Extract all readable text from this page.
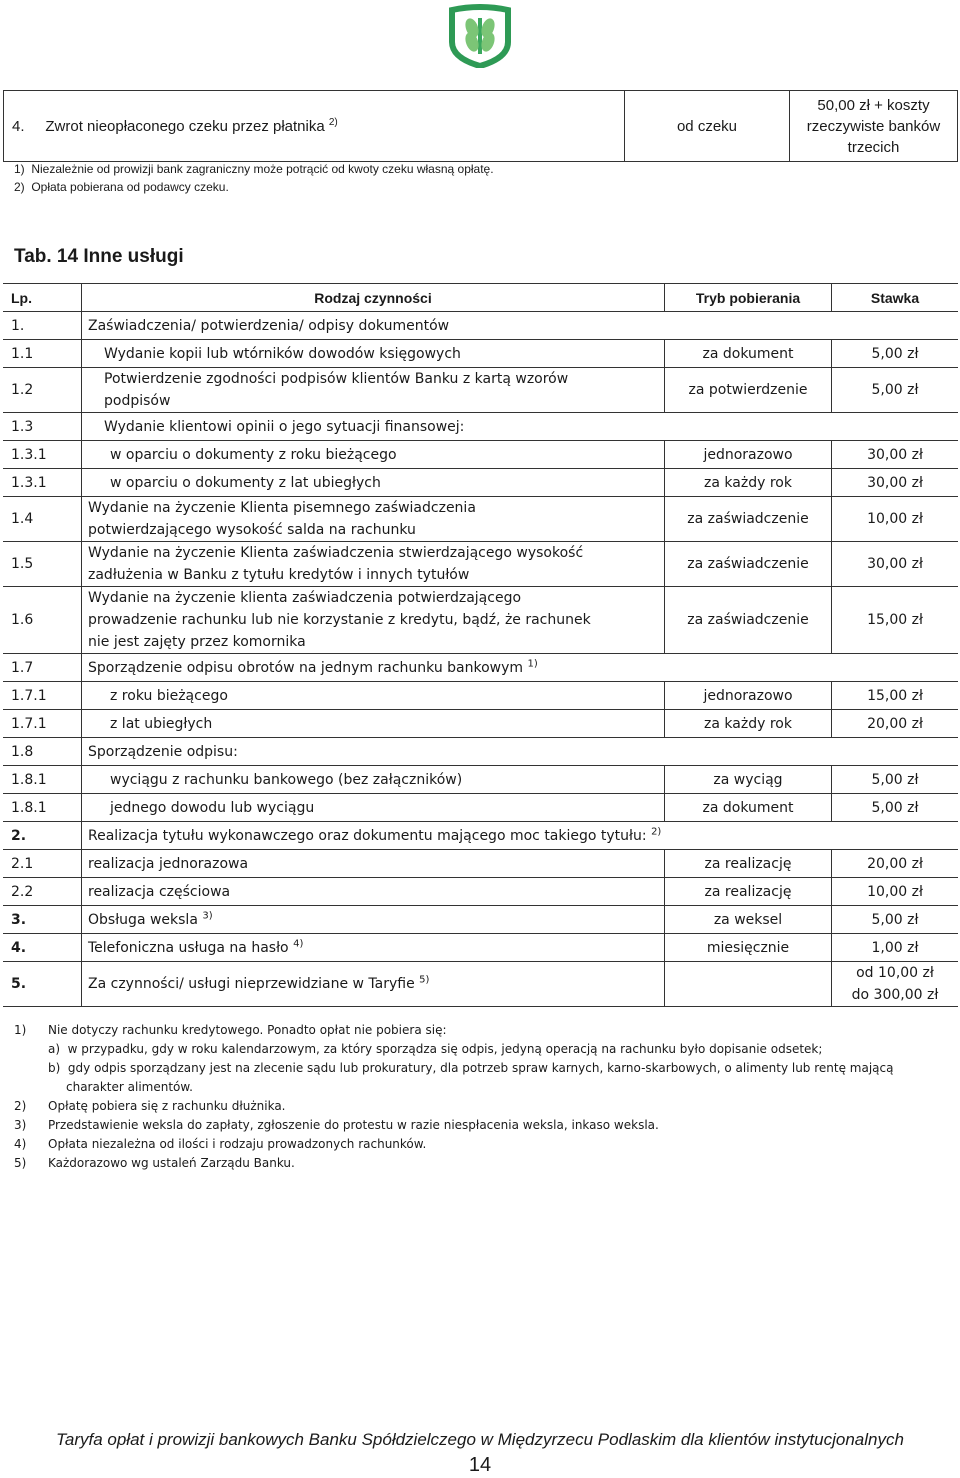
4. Zwrot nieopłaconego czeku przez płatnika $^{2)}$	od czeku	
50,00 zł + koszty
rzeczywiste banków
trzecich
1)  Niezależnie od prowizji bank zagraniczny może potrącić od kwoty czeku własną opłatę.
2)  Opłata pobierana od podawcy czeku.
Tab. 14 Inne usługi
Lp.	Rodzaj czynności	Tryb pobierania	Stawka
1.	Zaświadczenia/ potwierdzenia/ odpisy dokumentów		
1.1	Wydanie kopii lub wtórników dowodów księgowych	za dokument	5,00 zł
1.2	Potwierdzenie zgodności podpisów klientów Banku z kartą wzorów
podpisów	za potwierdzenie	5,00 zł
1.3	Wydanie klientowi opinii o jego sytuacji finansowej:		
1.3.1	w oparciu o dokumenty z roku bieżącego	jednorazowo	30,00 zł
1.3.1	w oparciu o dokumenty z lat ubiegłych	za każdy rok	30,00 zł
1.4	Wydanie na życzenie Klienta pisemnego zaświadczenia
potwierdzającego wysokość salda na rachunku	za zaświadczenie	10,00 zł
1.5	Wydanie na życzenie Klienta zaświadczenia stwierdzającego wysokość
zadłużenia w Banku z tytułu kredytów i innych tytułów	za zaświadczenie	30,00 zł
1.6	Wydanie na życzenie klienta zaświadczenia potwierdzającego
prowadzenie rachunku lub nie korzystanie z kredytu, bądź, że rachunek
nie jest zajęty przez komornika	za zaświadczenie	15,00 zł
1.7	Sporządzenie odpisu obrotów na jednym rachunku bankowym $^{1)}$
1.7.1	z roku bieżącego	jednorazowo	15,00 zł
1.7.1	z lat ubiegłych	za każdy rok	20,00 zł
1.8	Sporządzenie odpisu:		
1.8.1	wyciągu z rachunku bankowego (bez załączników)	za wyciąg	5,00 zł
1.8.1	jednego dowodu lub wyciągu	za dokument	5,00 zł
2.	Realizacja tytułu wykonawczego oraz dokumentu mającego moc takiego tytułu: $^{2)}$
2.1	realizacja jednorazowa	za realizację	20,00 zł
2.2	realizacja częściowa	za realizację	10,00 zł
3.	Obsługa weksla $^{3)}$	za weksel	5,00 zł
4.	Telefoniczna usługa na hasło $^{4)}$	miesięcznie	1,00 zł
5.	Za czynności/ usługi nieprzewidziane w Taryfie $^{5)}$		od 10,00 zł
do 300,00 zł
1) Nie dotyczy rachunku kredytowego. Ponadto opłat nie pobiera się:
a)  w przypadku, gdy w roku kalendarzowym, za który sporządza się odpis, jedyną operacją na rachunku było dopisanie odsetek;
b)  gdy odpis sporządzany jest na zlecenie sądu lub prokuratury, dla potrzeb spraw karnych, karno-skarbowych, o alimenty lub rentę mającą
charakter alimentów.
2) Opłatę pobiera się z rachunku dłużnika.
3) Przedstawienie weksla do zapłaty, zgłoszenie do protestu w razie niespłacenia weksla, inkaso weksla.
4) Opłata niezależna od ilości i rodzaju prowadzonych rachunków.
5) Każdorazowo wg ustaleń Zarządu Banku.
Taryfa opłat i prowizji bankowych Banku Spółdzielczego w Międzyrzecu Podlaskim dla klientów instytucjonalnych
14
